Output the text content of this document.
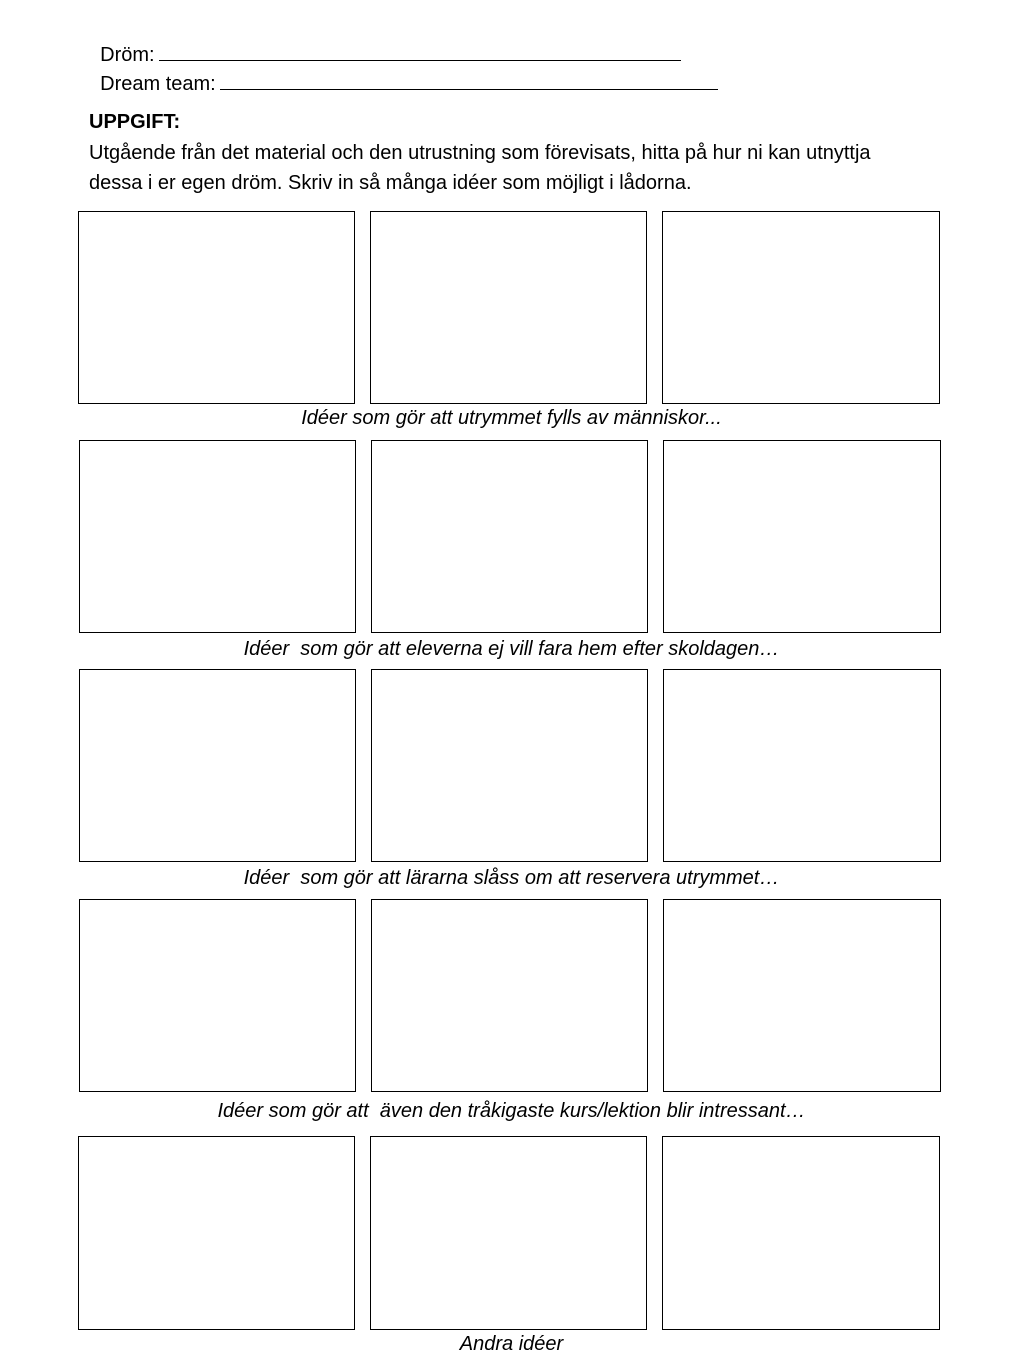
Dröm:

Dream team:

UPPGIFT:
Utgående från det material och den utrustning som förevisats, hitta på hur ni kan utnyttja dessa i er egen dröm. Skriv in så många idéer som möjligt i lådorna.
Idéer som gör att utrymmet fylls av människor...
Idéer  som gör att eleverna ej vill fara hem efter skoldagen…
Idéer  som gör att lärarna slåss om att reservera utrymmet…
Idéer som gör att  även den tråkigaste kurs/lektion blir intressant…
Andra idéer
